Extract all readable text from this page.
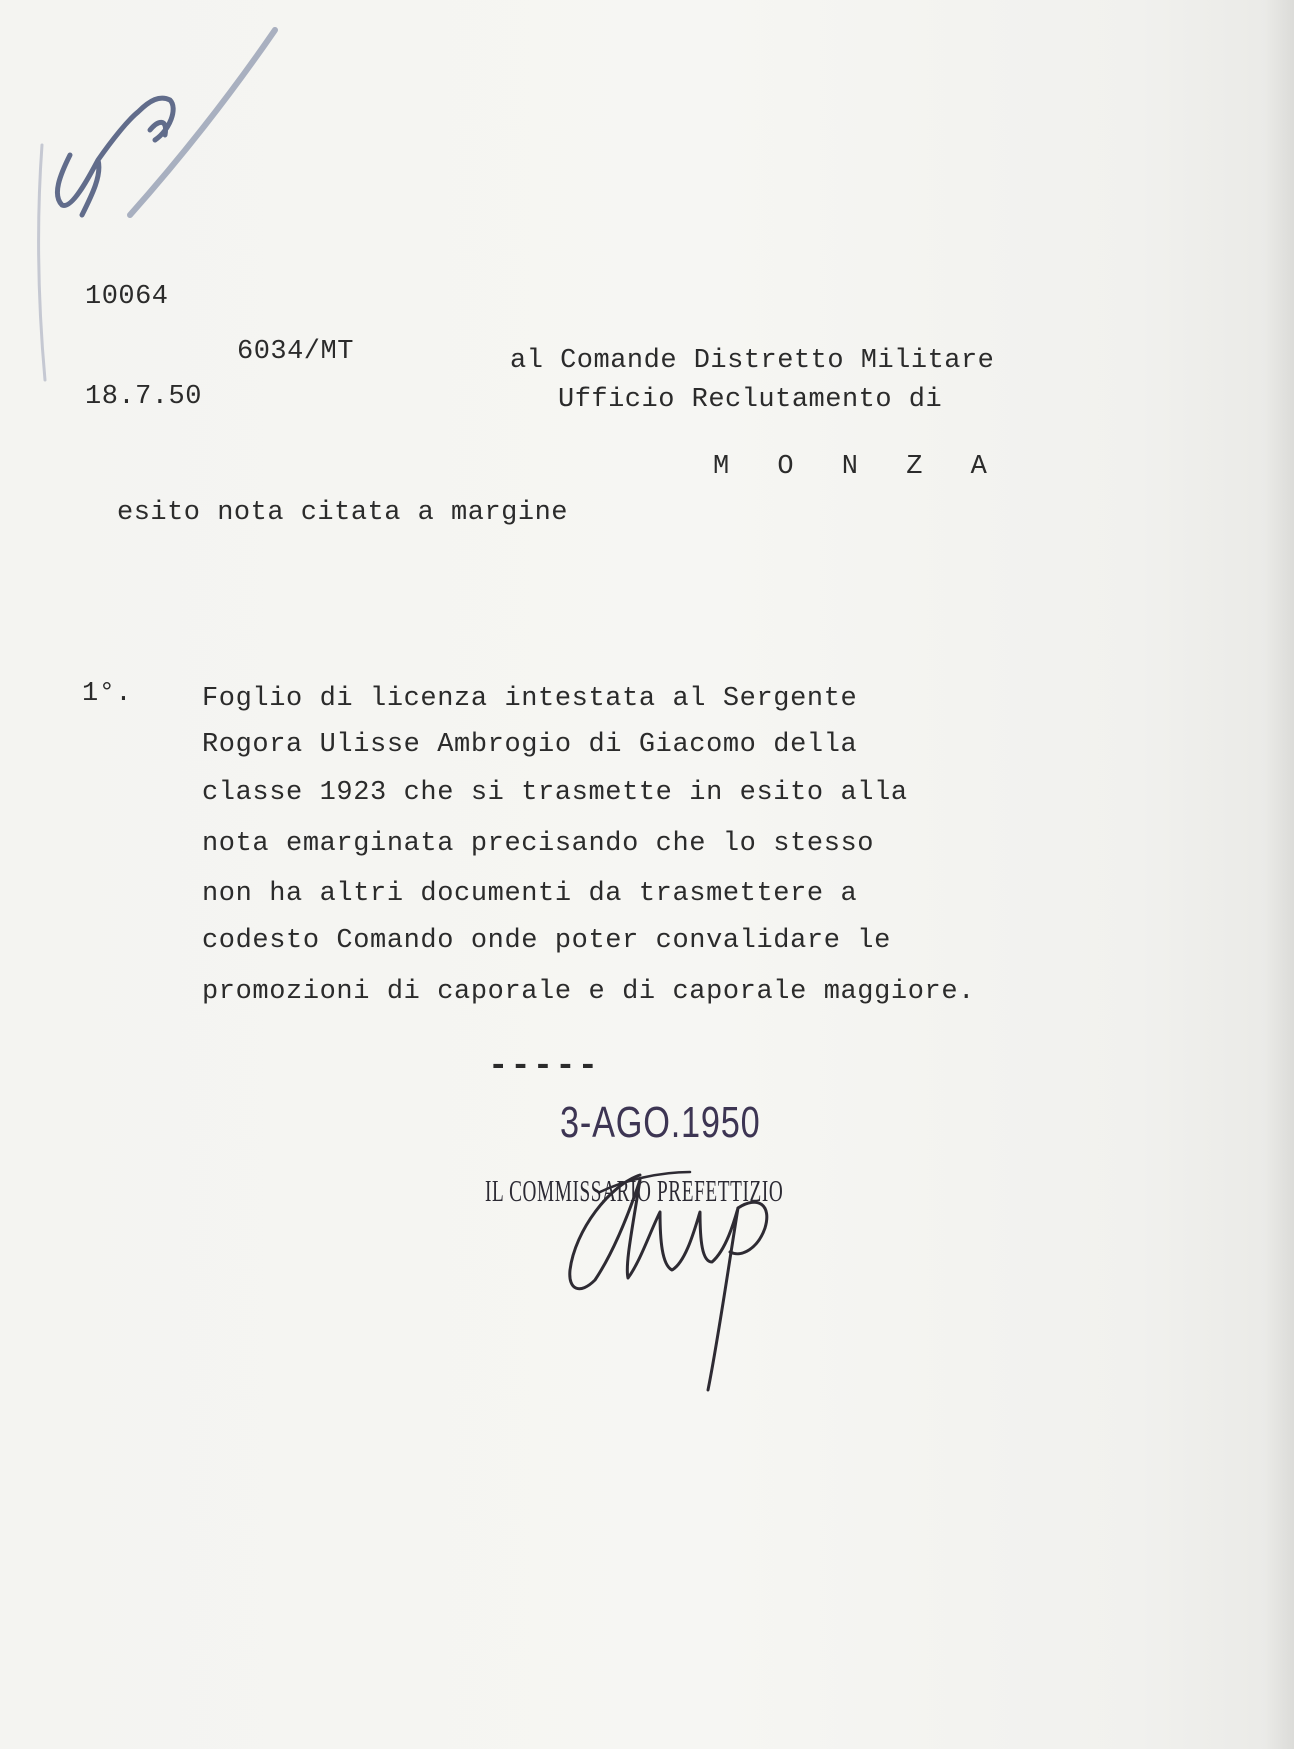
10064
6034/MT
18.7.50
al Comande Distretto Militare
Ufficio Reclutamento di
M O N Z A
esito nota citata a margine
1°.	Foglio di licenza intestata al Sergente
Rogora Ulisse Ambrogio di Giacomo della
classe 1923 che si trasmette in esito alla
nota emarginata precisando che lo stesso
non ha altri documenti da trasmettere a
codesto Comando onde poter convalidare le
promozioni di caporale e di caporale maggiore.
-----
3-AGO.1950
IL COMMISSARIO PREFETTIZIO
